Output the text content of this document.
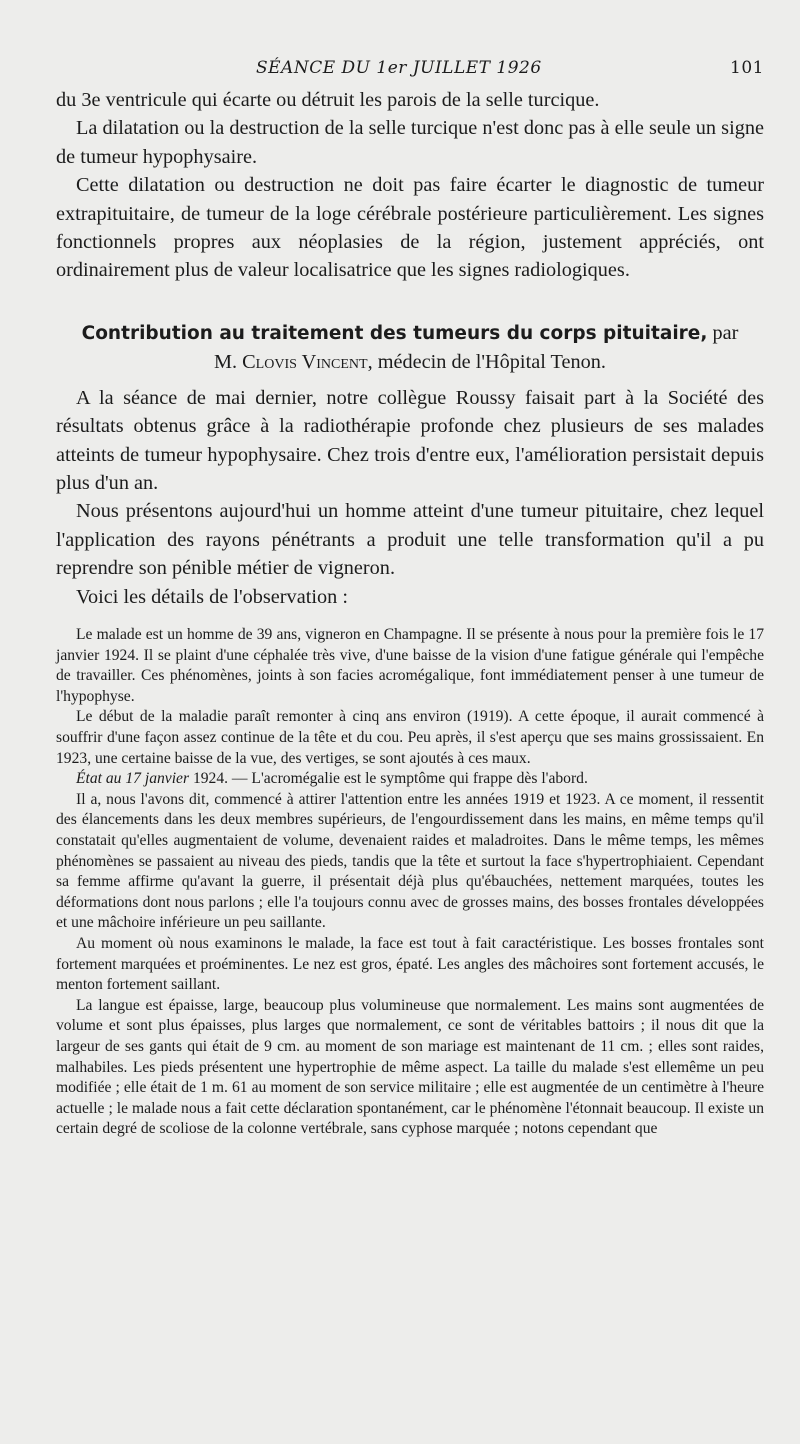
SÉANCE DU 1er JUILLET 1926	101

du 3e ventricule qui écarte ou détruit les parois de la selle turcique.

La dilatation ou la destruction de la selle turcique n'est donc pas à elle seule un signe de tumeur hypophysaire.

Cette dilatation ou destruction ne doit pas faire écarter le diagnostic de tumeur extrapituitaire, de tumeur de la loge cérébrale postérieure particulièrement. Les signes fonctionnels propres aux néoplasies de la région, justement appréciés, ont ordinairement plus de valeur localisatrice que les signes radiologiques.

Contribution au traitement des tumeurs du corps pituitaire, par
M. Clovis Vincent, médecin de l'Hôpital Tenon.

A la séance de mai dernier, notre collègue Roussy faisait part à la Société des résultats obtenus grâce à la radiothérapie profonde chez plusieurs de ses malades atteints de tumeur hypophysaire. Chez trois d'entre eux, l'amélioration persistait depuis plus d'un an.

Nous présentons aujourd'hui un homme atteint d'une tumeur pituitaire, chez lequel l'application des rayons pénétrants a produit une telle transformation qu'il a pu reprendre son pénible métier de vigneron.

Voici les détails de l'observation :

Le malade est un homme de 39 ans, vigneron en Champagne. Il se présente à nous pour la première fois le 17 janvier 1924. Il se plaint d'une céphalée très vive, d'une baisse de la vision d'une fatigue générale qui l'empêche de travailler. Ces phénomènes, joints à son facies acromégalique, font immédiatement penser à une tumeur de l'hypophyse.

Le début de la maladie paraît remonter à cinq ans environ (1919). A cette époque, il aurait commencé à souffrir d'une façon assez continue de la tête et du cou. Peu après, il s'est aperçu que ses mains grossissaient. En 1923, une certaine baisse de la vue, des vertiges, se sont ajoutés à ces maux.

État au 17 janvier 1924. — L'acromégalie est le symptôme qui frappe dès l'abord.

Il a, nous l'avons dit, commencé à attirer l'attention entre les années 1919 et 1923. A ce moment, il ressentit des élancements dans les deux membres supérieurs, de l'engourdissement dans les mains, en même temps qu'il constatait qu'elles augmentaient de volume, devenaient raides et maladroites. Dans le même temps, les mêmes phénomènes se passaient au niveau des pieds, tandis que la tête et surtout la face s'hypertrophiaient. Cependant sa femme affirme qu'avant la guerre, il présentait déjà plus qu'ébauchées, nettement marquées, toutes les déformations dont nous parlons ; elle l'a toujours connu avec de grosses mains, des bosses frontales développées et une mâchoire inférieure un peu saillante.

Au moment où nous examinons le malade, la face est tout à fait caractéristique. Les bosses frontales sont fortement marquées et proéminentes. Le nez est gros, épaté. Les angles des mâchoires sont fortement accusés, le menton fortement saillant.

La langue est épaisse, large, beaucoup plus volumineuse que normalement. Les mains sont augmentées de volume et sont plus épaisses, plus larges que normalement, ce sont de véritables battoirs ; il nous dit que la largeur de ses gants qui était de 9 cm. au moment de son mariage est maintenant de 11 cm. ; elles sont raides, malhabiles. Les pieds présentent une hypertrophie de même aspect. La taille du malade s'est ellemême un peu modifiée ; elle était de 1 m. 61 au moment de son service militaire ; elle est augmentée de un centimètre à l'heure actuelle ; le malade nous a fait cette déclaration spontanément, car le phénomène l'étonnait beaucoup. Il existe un certain degré de scoliose de la colonne vertébrale, sans cyphose marquée ; notons cependant que
